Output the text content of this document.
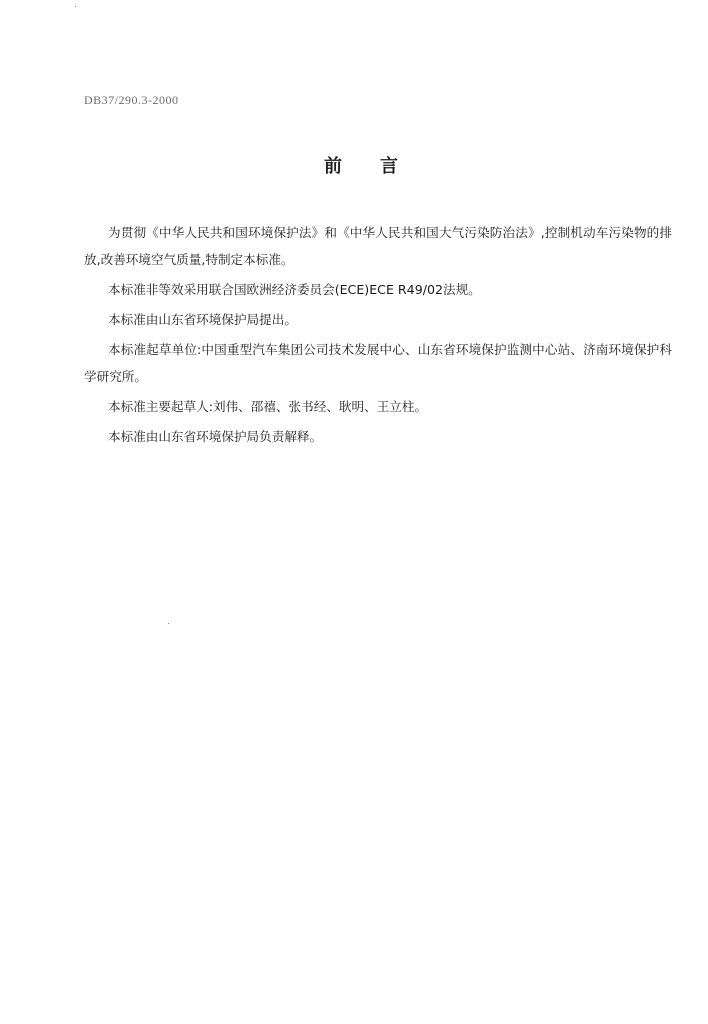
DB37/290.3-2000
前言

为贯彻《中华人民共和国环境保护法》和《中华人民共和国大气污染防治法》,控制机动车污染物的排放,改善环境空气质量,特制定本标准。

本标准非等效采用联合国欧洲经济委员会(ECE)ECE R49/02法规。

本标准由山东省环境保护局提出。

本标准起草单位:中国重型汽车集团公司技术发展中心、山东省环境保护监测中心站、济南环境保护科学研究所。

本标准主要起草人:刘伟、邵禧、张书经、耿明、王立柱。

本标准由山东省环境保护局负责解释。
